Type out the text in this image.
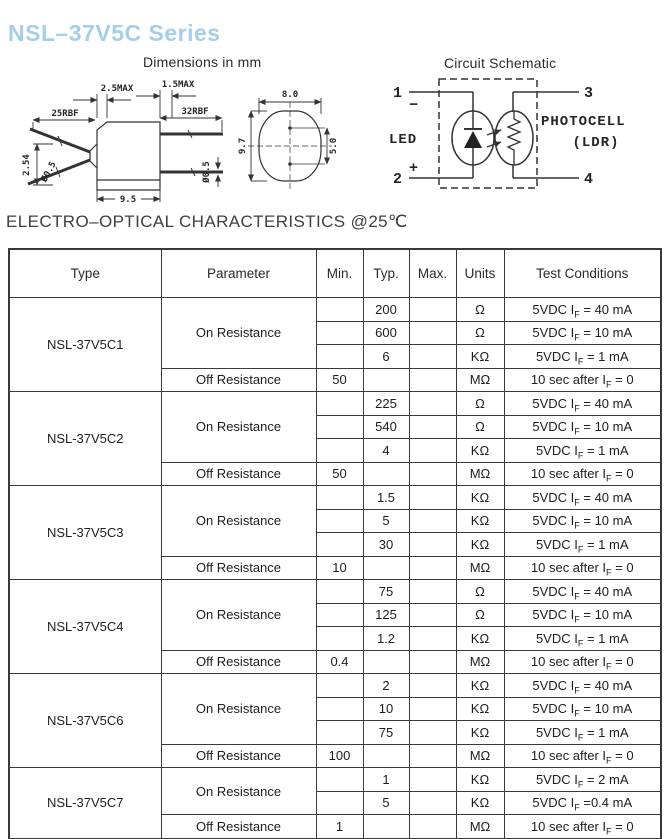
NSL–37V5C Series
Dimensions in mm	Circuit Schematic
2.5MAX	1.5MAX
25RBF	32RBF
2.54 Ø0.5
9.5
Ø0.5
8.0
9.7	5.0
1
−
2
+
LED
3
4
PHOTOCELL
(LDR)
ELECTRO–OPTICAL CHARACTERISTICS @25℃
Type	Parameter	Min.	Typ.	Max.	Units	Test Conditions
NSL-37V5C1	On Resistance		200		Ω	5VDC $I_F = 40$ mA
			600		Ω	5VDC $I_F = 10$ mA
			6		KΩ	5VDC $I_F = 1$ mA
	Off Resistance	50			MΩ	10 sec after $I_F = 0$
NSL-37V5C2	On Resistance		225		Ω	5VDC $I_F = 40$ mA
			540		Ω	5VDC $I_F = 10$ mA
			4		KΩ	5VDC $I_F = 1$ mA
	Off Resistance	50			MΩ	10 sec after $I_F = 0$
NSL-37V5C3	On Resistance		1.5		KΩ	5VDC $I_F = 40$ mA
			5		KΩ	5VDC $I_F = 10$ mA
			30		KΩ	5VDC $I_F = 1$ mA
	Off Resistance	10			MΩ	10 sec after $I_F = 0$
NSL-37V5C4	On Resistance		75		Ω	5VDC $I_F = 40$ mA
			125		Ω	5VDC $I_F = 10$ mA
			1.2		KΩ	5VDC $I_F = 1$ mA
	Off Resistance	0.4			MΩ	10 sec after $I_F = 0$
NSL-37V5C6	On Resistance		2		KΩ	5VDC $I_F = 40$ mA
			10		KΩ	5VDC $I_F = 10$ mA
			75		KΩ	5VDC $I_F = 1$ mA
	Off Resistance	100			MΩ	10 sec after $I_F = 0$
NSL-37V5C7	On Resistance		1		KΩ	5VDC $I_F = 2$ mA
			5		KΩ	5VDC $I_F =0.4$ mA
	Off Resistance	1			MΩ	10 sec after $I_F = 0$
